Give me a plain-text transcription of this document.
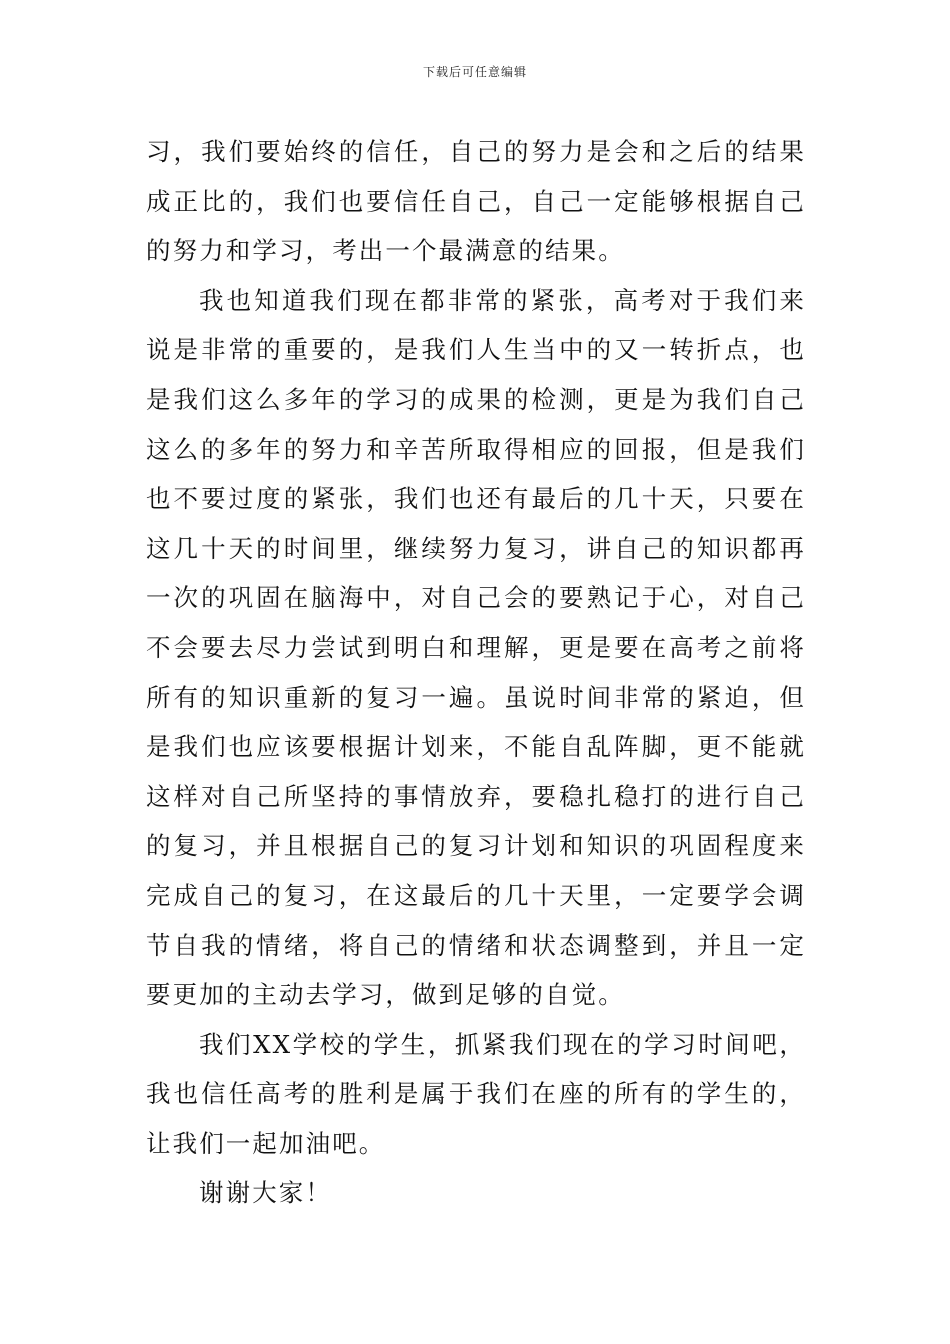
下载后可任意编辑

习，我们要始终的信任，自己的努力是会和之后的结果成正比的，我们也要信任自己，自己一定能够根据自己的努力和学习，考出一个最满意的结果。

我也知道我们现在都非常的紧张，高考对于我们来说是非常的重要的，是我们人生当中的又一转折点，也是我们这么多年的学习的成果的检测，更是为我们自己这么的多年的努力和辛苦所取得相应的回报，但是我们也不要过度的紧张，我们也还有最后的几十天，只要在这几十天的时间里，继续努力复习，讲自己的知识都再一次的巩固在脑海中，对自己会的要熟记于心，对自己不会要去尽力尝试到明白和理解，更是要在高考之前将所有的知识重新的复习一遍。虽说时间非常的紧迫，但是我们也应该要根据计划来，不能自乱阵脚，更不能就这样对自己所坚持的事情放弃，要稳扎稳打的进行自己的复习，并且根据自己的复习计划和知识的巩固程度来完成自己的复习，在这最后的几十天里，一定要学会调节自我的情绪，将自己的情绪和状态调整到，并且一定要更加的主动去学习，做到足够的自觉。

我们XX学校的学生，抓紧我们现在的学习时间吧，我也信任高考的胜利是属于我们在座的所有的学生的，让我们一起加油吧。

谢谢大家！
